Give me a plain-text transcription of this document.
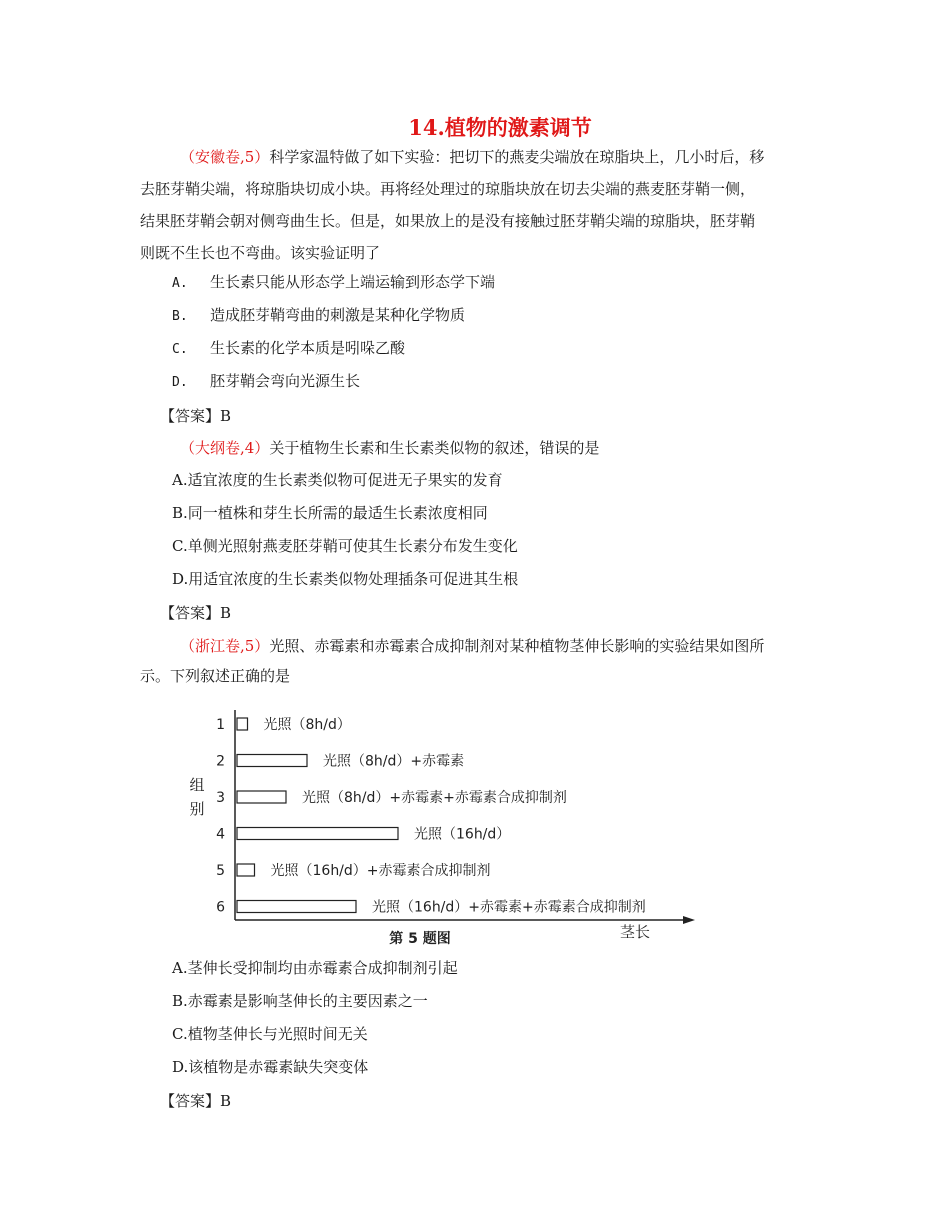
14.植物的激素调节
（安徽卷,5）科学家温特做了如下实验：把切下的燕麦尖端放在琼脂块上，几小时后，移
去胚芽鞘尖端，将琼脂块切成小块。再将经处理过的琼脂块放在切去尖端的燕麦胚芽鞘一侧，
结果胚芽鞘会朝对侧弯曲生长。但是，如果放上的是没有接触过胚芽鞘尖端的琼脂块，胚芽鞘
则既不生长也不弯曲。该实验证明了
A. 生长素只能从形态学上端运输到形态学下端
B. 造成胚芽鞘弯曲的刺激是某种化学物质
C. 生长素的化学本质是吲哚乙酸
D. 胚芽鞘会弯向光源生长
【答案】B
（大纲卷,4）关于植物生长素和生长素类似物的叙述，错误的是
A.适宜浓度的生长素类似物可促进无子果实的发育
B.同一植株和芽生长所需的最适生长素浓度相同
C.单侧光照射燕麦胚芽鞘可使其生长素分布发生变化
D.用适宜浓度的生长素类似物处理插条可促进其生根
【答案】B
（浙江卷,5）光照、赤霉素和赤霉素合成抑制剂对某种植物茎伸长影响的实验结果如图所
示。下列叙述正确的是
组
别
茎长
第 5 题图
1	光照（8h/d）
2	光照（8h/d）+赤霉素
3	光照（8h/d）+赤霉素+赤霉素合成抑制剂
4	光照（16h/d）
5	光照（16h/d）+赤霉素合成抑制剂
6	光照（16h/d）+赤霉素+赤霉素合成抑制剂
A.茎伸长受抑制均由赤霉素合成抑制剂引起
B.赤霉素是影响茎伸长的主要因素之一
C.植物茎伸长与光照时间无关
D.该植物是赤霉素缺失突变体
【答案】B
